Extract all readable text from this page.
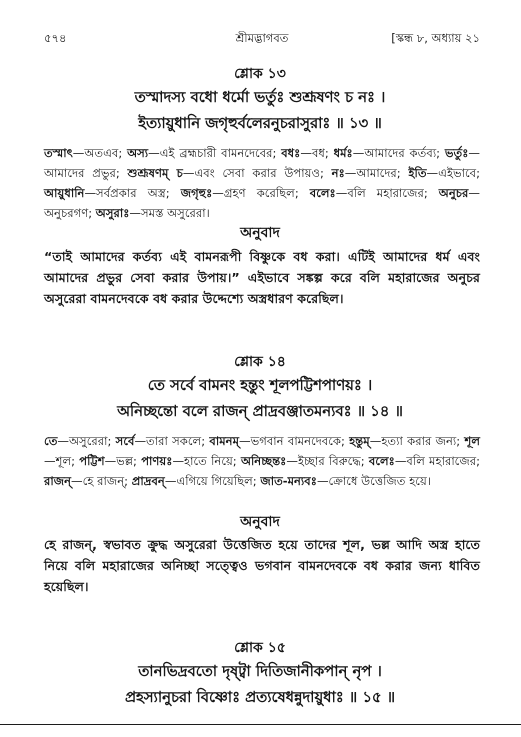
৫৭৪	শ্রীমদ্ভাগবত	[স্কন্ধ ৮, অধ্যায় ২১
শ্লোক ১৩
তস্মাদস্য বধো ধর্মো ভর্তুঃ শুশ্রূষণং চ নঃ ।
ইত্যায়ুধানি জগৃহুর্বলেরনুচরাসুরাঃ ॥ ১৩ ॥
তস্মাৎ—অতএব; অস্য—এই ব্রহ্মচারী বামনদেবের; বধঃ—বধ; ধর্মঃ—আমাদের কর্তব্য; ভর্তুঃ—আমাদের প্রভুর; শুশ্রূষণম্ চ—এবং সেবা করার উপায়ও; নঃ—আমাদের; ইতি—এইভাবে; আয়ুধানি—সর্বপ্রকার অস্ত্র; জগৃহুঃ—গ্রহণ করেছিল; বলেঃ—বলি মহারাজের; অনুচর—অনুচরগণ; অসুরাঃ—সমস্ত অসুরেরা।
অনুবাদ
“তাই আমাদের কর্তব্য এই বামনরূপী বিষ্ণুকে বধ করা। এটিই আমাদের ধর্ম এবং আমাদের প্রভুর সেবা করার উপায়।” এইভাবে সঙ্কল্প করে বলি মহারাজের অনুচর অসুরেরা বামনদেবকে বধ করার উদ্দেশ্যে অস্ত্রধারণ করেছিল।
শ্লোক ১৪
তে সর্বে বামনং হন্তুং শূলপট্টিশপাণয়ঃ ।
অনিচ্ছন্তো বলে রাজন্ প্রাদ্রবঞ্জাতমন্যবঃ ॥ ১৪ ॥
তে—অসুরেরা; সর্বে—তারা সকলে; বামনম্—ভগবান বামনদেবকে; হন্তুম্—হত্যা করার জন্য; শূল—শূল; পট্টিশ—ভল্ল; পাণয়ঃ—হাতে নিয়ে; অনিচ্ছন্তঃ—ইচ্ছার বিরুদ্ধে; বলেঃ—বলি মহারাজের; রাজন্—হে রাজন্; প্রাদ্রবন্—এগিয়ে গিয়েছিল; জাত-মন্যবঃ—ক্রোধে উত্তেজিত হয়ে।
অনুবাদ
হে রাজন্, স্বভাবত ক্রুদ্ধ অসুরেরা উত্তেজিত হয়ে তাদের শূল, ভল্ল আদি অস্ত্র হাতে নিয়ে বলি মহারাজের অনিচ্ছা সত্ত্বেও ভগবান বামনদেবকে বধ করার জন্য ধাবিত হয়েছিল।
শ্লোক ১৫
তানভিদ্রবতো দৃষ্ট্বা দিতিজানীকপান্ নৃপ ।
প্রহস্যানুচরা বিষ্ণোঃ প্রত্যষেধন্নুদায়ুধাঃ ॥ ১৫ ॥
